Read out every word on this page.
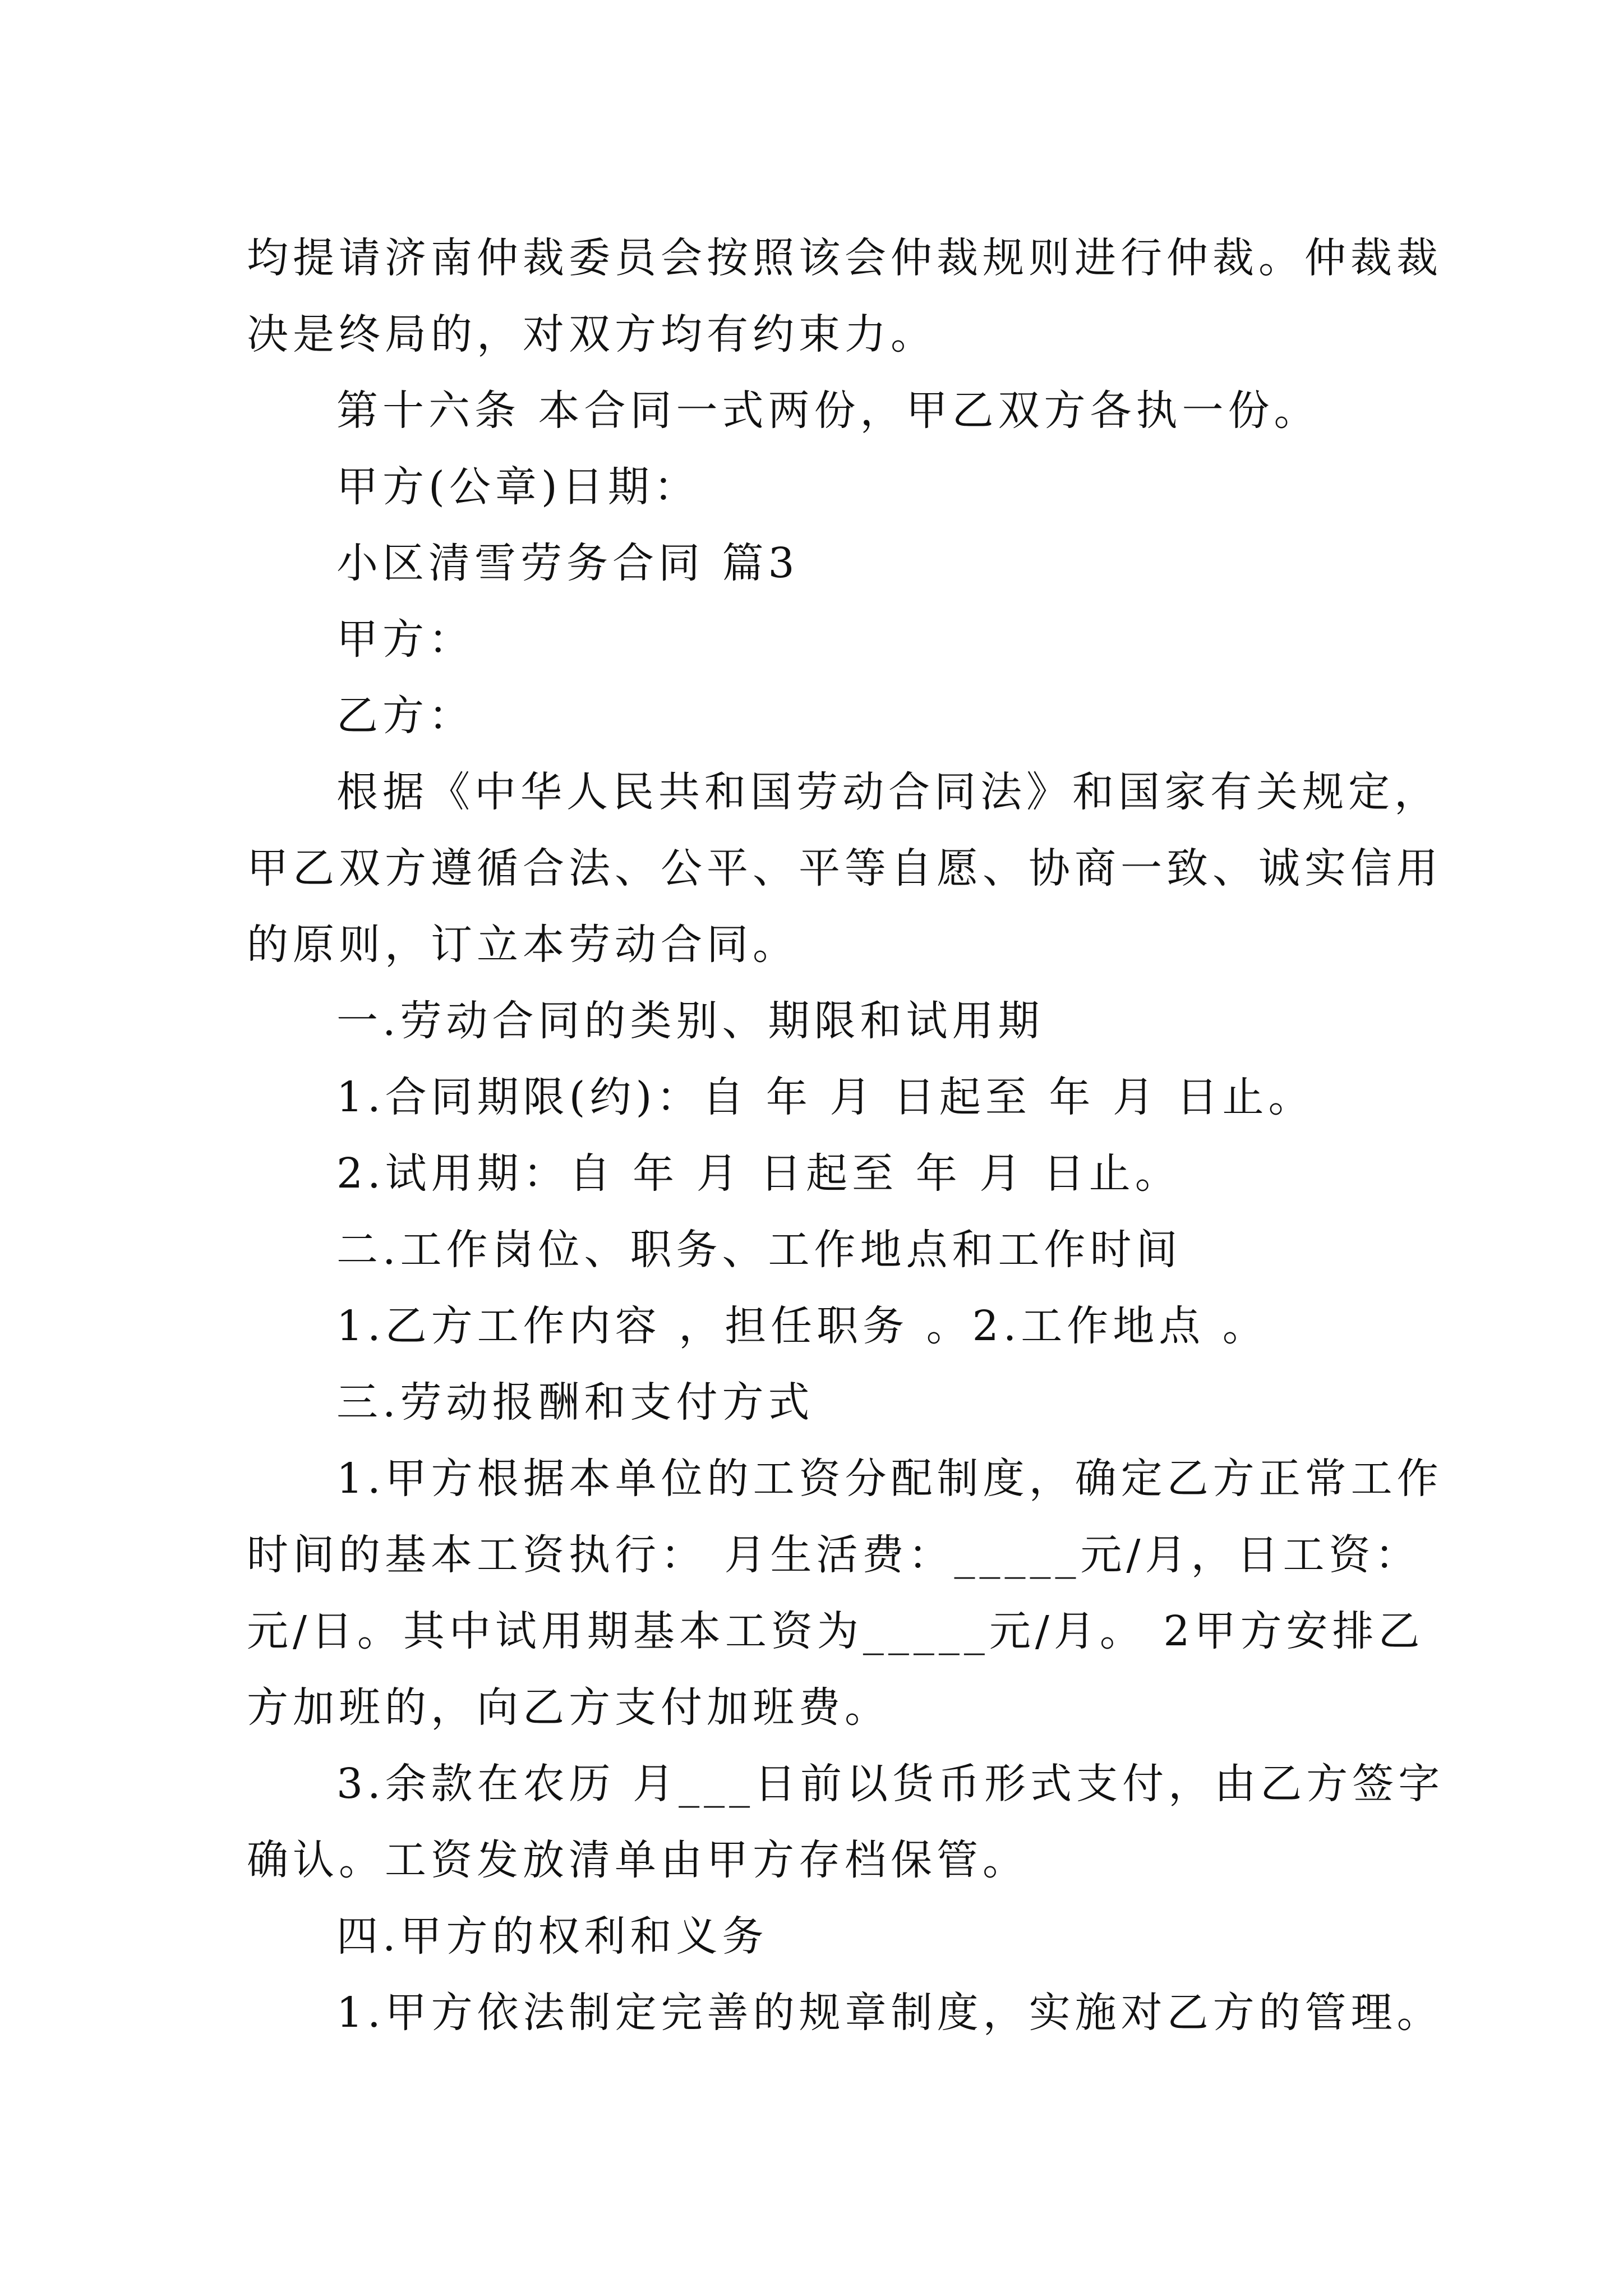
均提请济南仲裁委员会按照该会仲裁规则进行仲裁。仲裁裁
决是终局的，对双方均有约束力。
第十六条 本合同一式两份，甲乙双方各执一份。
甲方(公章)日期：
小区清雪劳务合同 篇3
甲方：
乙方：
根据《中华人民共和国劳动合同法》和国家有关规定，
甲乙双方遵循合法、公平、平等自愿、协商一致、诚实信用
的原则，订立本劳动合同。
一.劳动合同的类别、期限和试用期
1.合同期限(约)：自 年 月 日起至 年 月 日止。
2.试用期：自 年 月 日起至 年 月 日止。
二.工作岗位、职务、工作地点和工作时间
1.乙方工作内容 ，担任职务 。2.工作地点 。
三.劳动报酬和支付方式
1.甲方根据本单位的工资分配制度，确定乙方正常工作
时间的基本工资执行： 月生活费：_____元/月，日工资：
元/日。其中试用期基本工资为_____元/月。 2甲方安排乙
方加班的，向乙方支付加班费。
3.余款在农历 月___日前以货币形式支付，由乙方签字
确认。工资发放清单由甲方存档保管。
四.甲方的权利和义务
1.甲方依法制定完善的规章制度，实施对乙方的管理。
